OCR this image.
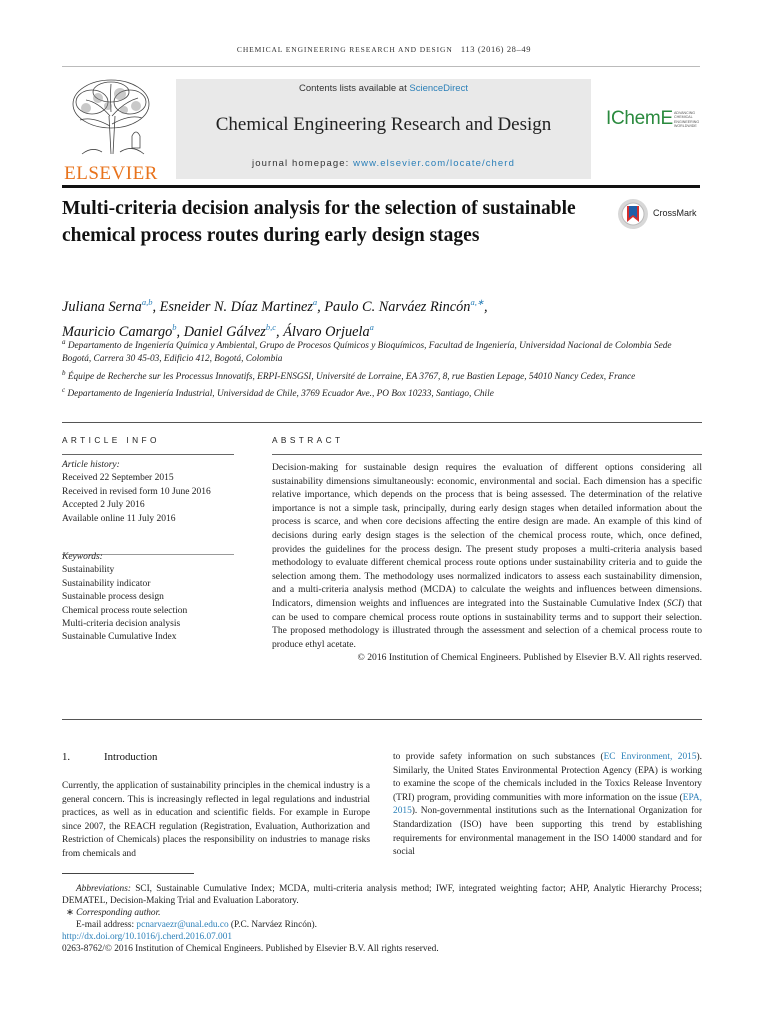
CHEMICAL ENGINEERING RESEARCH AND DESIGN 113 (2016) 28–49
ELSEVIER
Contents lists available at ScienceDirect
Chemical Engineering Research and Design
journal homepage: www.elsevier.com/locate/cherd
IChemE ADVANCING
CHEMICAL
ENGINEERING
WORLDWIDE
Multi-criteria decision analysis for the selection of sustainable chemical process routes during early design stages
CrossMark
Juliana Serna$^{a,b}$, Esneider N. Díaz Martinez$^a$, Paulo C. Narváez Rincón$^{a,∗}$,
Mauricio Camargo$^b$, Daniel Gálvez$^{b,c}$, Álvaro Orjuela$^a$
$^a$ Departamento de Ingeniería Química y Ambiental, Grupo de Procesos Químicos y Bioquímicos, Facultad de Ingeniería, Universidad Nacional de Colombia Sede Bogotá, Carrera 30 45-03, Edificio 412, Bogotá, Colombia
$^b$ Équipe de Recherche sur les Processus Innovatifs, ERPI-ENSGSI, Université de Lorraine, EA 3767, 8, rue Bastien Lepage, 54010 Nancy Cedex, France
$^c$ Departamento de Ingeniería Industrial, Universidad de Chile, 3769 Ecuador Ave., PO Box 10233, Santiago, Chile
ARTICLE INFO	ABSTRACT
Article history:
Received 22 September 2015
Received in revised form 10 June 2016
Accepted 2 July 2016
Available online 11 July 2016
Keywords:
Sustainability
Sustainability indicator
Sustainable process design
Chemical process route selection
Multi-criteria decision analysis
Sustainable Cumulative Index
Decision-making for sustainable design requires the evaluation of different options considering all sustainability dimensions simultaneously: economic, environmental and social. Each dimension has a specific relative importance, which depends on the process that is being assessed. The determination of the relative importance is not a simple task, principally, during early design stages when detailed information about the process is scarce, and when core decisions affecting the entire design are made. An example of this kind of decisions during early design stages is the selection of the chemical process route, which, once defined, provides the guidelines for the process design. The present study proposes a multi-criteria analysis based methodology to evaluate different chemical process route options under sustainability criteria and to guide the selection among them. The methodology uses normalized indicators to assess each sustainability dimension, and a multi-criteria analysis method (MCDA) to calculate the weights and influences between dimensions. Indicators, dimension weights and influences are integrated into the Sustainable Cumulative Index (SCI) that can be used to compare chemical process route options in sustainability terms and to support their selection. The proposed methodology is illustrated through the assessment and selection of a chemical process route to produce ethyl acetate.
© 2016 Institution of Chemical Engineers. Published by Elsevier B.V. All rights reserved.
1.	Introduction
Currently, the application of sustainability principles in the chemical industry is a general concern. This is increasingly reflected in legal regulations and industrial practices, as well as in education and scientific fields. For example in Europe since 2007, the REACH regulation (Registration, Evaluation, Authorization and Restriction of Chemicals) places the responsibility on industries to manage risks from chemicals and
to provide safety information on such substances (EC Environment, 2015). Similarly, the United States Environmental Protection Agency (EPA) is working to examine the scope of the chemicals included in the Toxics Release Inventory (TRI) program, providing communities with more information on the issue (EPA, 2015). Non-governmental institutions such as the International Organization for Standardization (ISO) have been supporting this trend by establishing requirements for environmental management in the ISO 14000 standard and for social
Abbreviations: SCI, Sustainable Cumulative Index; MCDA, multi-criteria analysis method; IWF, integrated weighting factor; AHP, Analytic Hierarchy Process; DEMATEL, Decision-Making Trial and Evaluation Laboratory.
∗ Corresponding author.
E-mail address: pcnarvaezr@unal.edu.co (P.C. Narváez Rincón).
http://dx.doi.org/10.1016/j.cherd.2016.07.001
0263-8762/© 2016 Institution of Chemical Engineers. Published by Elsevier B.V. All rights reserved.
